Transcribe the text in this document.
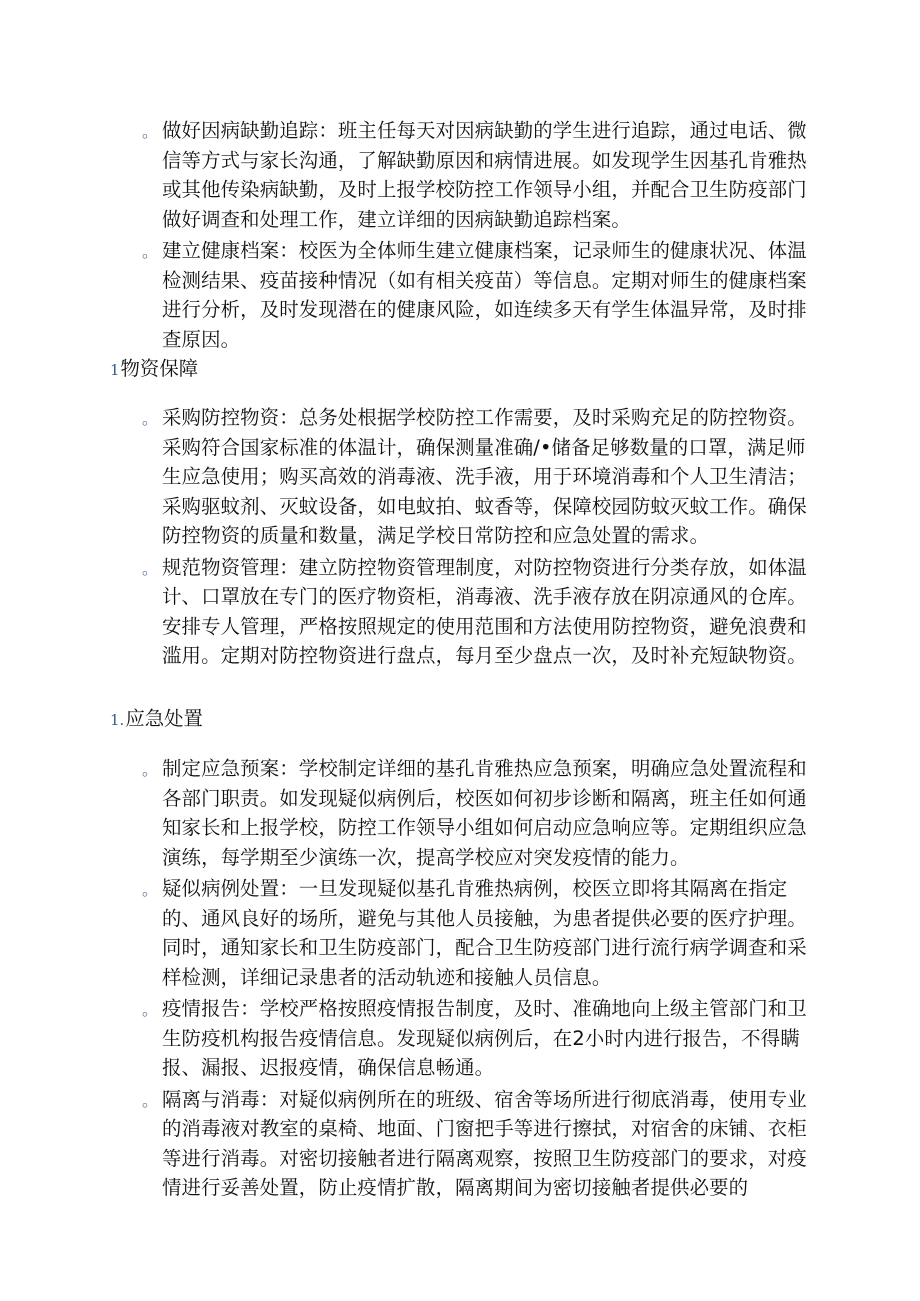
。 做好因病缺勤追踪：班主任每天对因病缺勤的学生进行追踪，通过电话、微信等方式与家长沟通，了解缺勤原因和病情进展。如发现学生因基孔肯雅热或其他传染病缺勤，及时上报学校防控工作领导小组，并配合卫生防疫部门做好调查和处理工作，建立详细的因病缺勤追踪档案。
。 建立健康档案：校医为全体师生建立健康档案，记录师生的健康状况、体温检测结果、疫苗接种情况（如有相关疫苗）等信息。定期对师生的健康档案进行分析，及时发现潜在的健康风险，如连续多天有学生体温异常，及时排查原因。
1物资保障
。 采购防控物资：总务处根据学校防控工作需要，及时采购充足的防控物资。采购符合国家标准的体温计，确保测量准确/•储备足够数量的口罩，满足师生应急使用；购买高效的消毒液、洗手液，用于环境消毒和个人卫生清洁；采购驱蚊剂、灭蚊设备，如电蚊拍、蚊香等，保障校园防蚊灭蚊工作。确保防控物资的质量和数量，满足学校日常防控和应急处置的需求。
。 规范物资管理：建立防控物资管理制度，对防控物资进行分类存放，如体温计、口罩放在专门的医疗物资柜，消毒液、洗手液存放在阴凉通风的仓库。安排专人管理，严格按照规定的使用范围和方法使用防控物资，避免浪费和滥用。定期对防控物资进行盘点，每月至少盘点一次，及时补充短缺物资。
1.应急处置
。 制定应急预案：学校制定详细的基孔肯雅热应急预案，明确应急处置流程和各部门职责。如发现疑似病例后，校医如何初步诊断和隔离，班主任如何通知家长和上报学校，防控工作领导小组如何启动应急响应等。定期组织应急演练，每学期至少演练一次，提高学校应对突发疫情的能力。
。 疑似病例处置：一旦发现疑似基孔肯雅热病例，校医立即将其隔离在指定的、通风良好的场所，避免与其他人员接触，为患者提供必要的医疗护理。同时，通知家长和卫生防疫部门，配合卫生防疫部门进行流行病学调查和采样检测，详细记录患者的活动轨迹和接触人员信息。
。 疫情报告：学校严格按照疫情报告制度，及时、准确地向上级主管部门和卫生防疫机构报告疫情信息。发现疑似病例后，在2小时内进行报告，不得瞒报、漏报、迟报疫情，确保信息畅通。
。 隔离与消毒：对疑似病例所在的班级、宿舍等场所进行彻底消毒，使用专业的消毒液对教室的桌椅、地面、门窗把手等进行擦拭，对宿舍的床铺、衣柜等进行消毒。对密切接触者进行隔离观察，按照卫生防疫部门的要求，对疫情进行妥善处置，防止疫情扩散，隔离期间为密切接触者提供必要的
